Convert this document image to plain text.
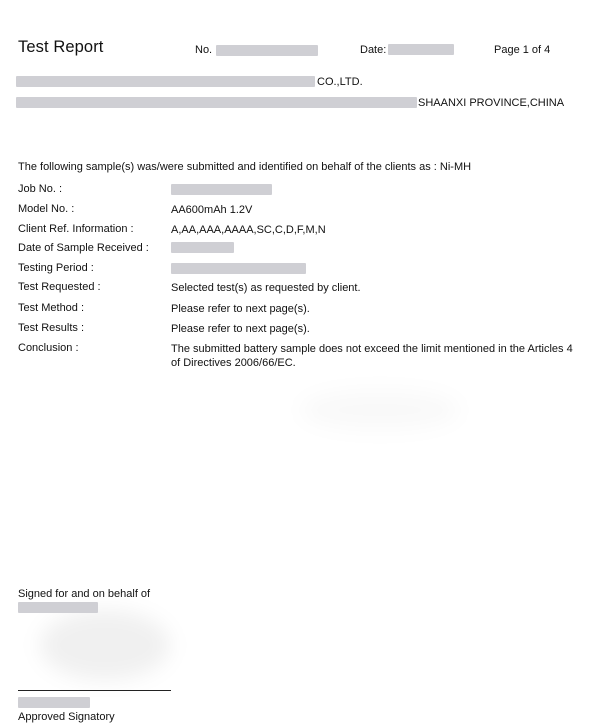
Test Report	No.	Date:	Page 1 of 4
CO.,LTD.
SHAANXI PROVINCE,CHINA
The following sample(s) was/were submitted and identified on behalf of the clients as : Ni-MH
Job No. :
Model No. :	AA600mAh 1.2V
Client Ref. Information :	A,AA,AAA,AAAA,SC,C,D,F,M,N
Date of Sample Received :
Testing Period :
Test Requested :	Selected test(s) as requested by client.
Test Method :	Please refer to next page(s).
Test Results :	Please refer to next page(s).
Conclusion :	The submitted battery sample does not exceed the limit mentioned in the Articles 4 of Directives 2006/66/EC.
Signed for and on behalf of
Approved Signatory
